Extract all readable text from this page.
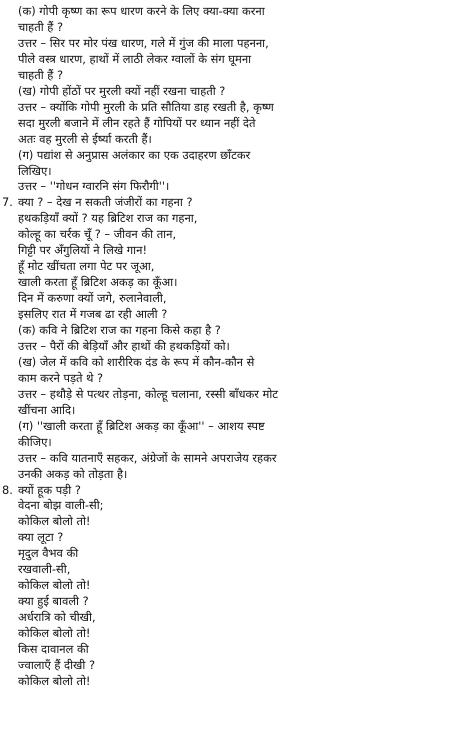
(क) गोपी कृष्ण का रूप धारण करने के लिए क्या-क्या करना
चाहती हैं ?
उत्तर – सिर पर मोर पंख धारण, गले में गुंज की माला पहनना,
पीले वस्त्र धारण, हाथों में लाठी लेकर ग्वालों के संग घूमना
चाहती हैं ?
(ख) गोपी होंठों पर मुरली क्यों नहीं रखना चाहती ?
उत्तर – क्योंकि गोपी मुरली के प्रति सौतिया डाह रखती है, कृष्ण
सदा मुरली बजाने में लीन रहते हैं गोपियों पर ध्यान नहीं देते
अतः वह मुरली से ईर्ष्या करती हैं।
(ग) पद्यांश से अनुप्रास अलंकार का एक उदाहरण छाँटकर
लिखिए।
उत्तर – ''गोधन ग्वारनि संग फिरौगी''।
7. क्या ? – देख न सकती जंजीरों का गहना ?
हथकड़ियाँ क्यों ? यह ब्रिटिश राज का गहना,
कोल्हू का चर्रक चूँ ? – जीवन की तान,
गिट्टी पर अँगुलियों ने लिखे गान!
हूँ मोट खींचता लगा पेट पर जूआ,
खाली करता हूँ ब्रिटिश अकड़ का कूँआ।
दिन में करुणा क्यों जगे, रुलानेवाली,
इसलिए रात में गजब ढा रही आली ?
(क) कवि ने ब्रिटिश राज का गहना किसे कहा है ?
उत्तर – पैरों की बेड़ियाँ और हाथों की हथकड़ियों को।
(ख) जेल में कवि को शारीरिक दंड के रूप में कौन-कौन से
काम करने पड़ते थे ?
उत्तर – हथौड़े से पत्थर तोड़ना, कोल्हू चलाना, रस्सी बाँधकर मोट
खींचना आदि।
(ग) ''खाली करता हूँ ब्रिटिश अकड़ का कूँआ'' – आशय स्पष्ट
कीजिए।
उत्तर – कवि यातनाएँ सहकर, अंग्रेजों के सामने अपराजेय रहकर
उनकी अकड़ को तोड़ता है।
8. क्यों हूक पड़ी ?
वेदना बोझ वाली-सी;
कोकिल बोलो तो!
क्या लूटा ?
मृदुल वैभव की
रखवाली-सी,
कोकिल बोलो तो!
क्या हुई बावली ?
अर्धरात्रि को चीखी,
कोकिल बोलो तो!
किस दावानल की
ज्वालाएँ हैं दीखी ?
कोकिल बोलो तो!
